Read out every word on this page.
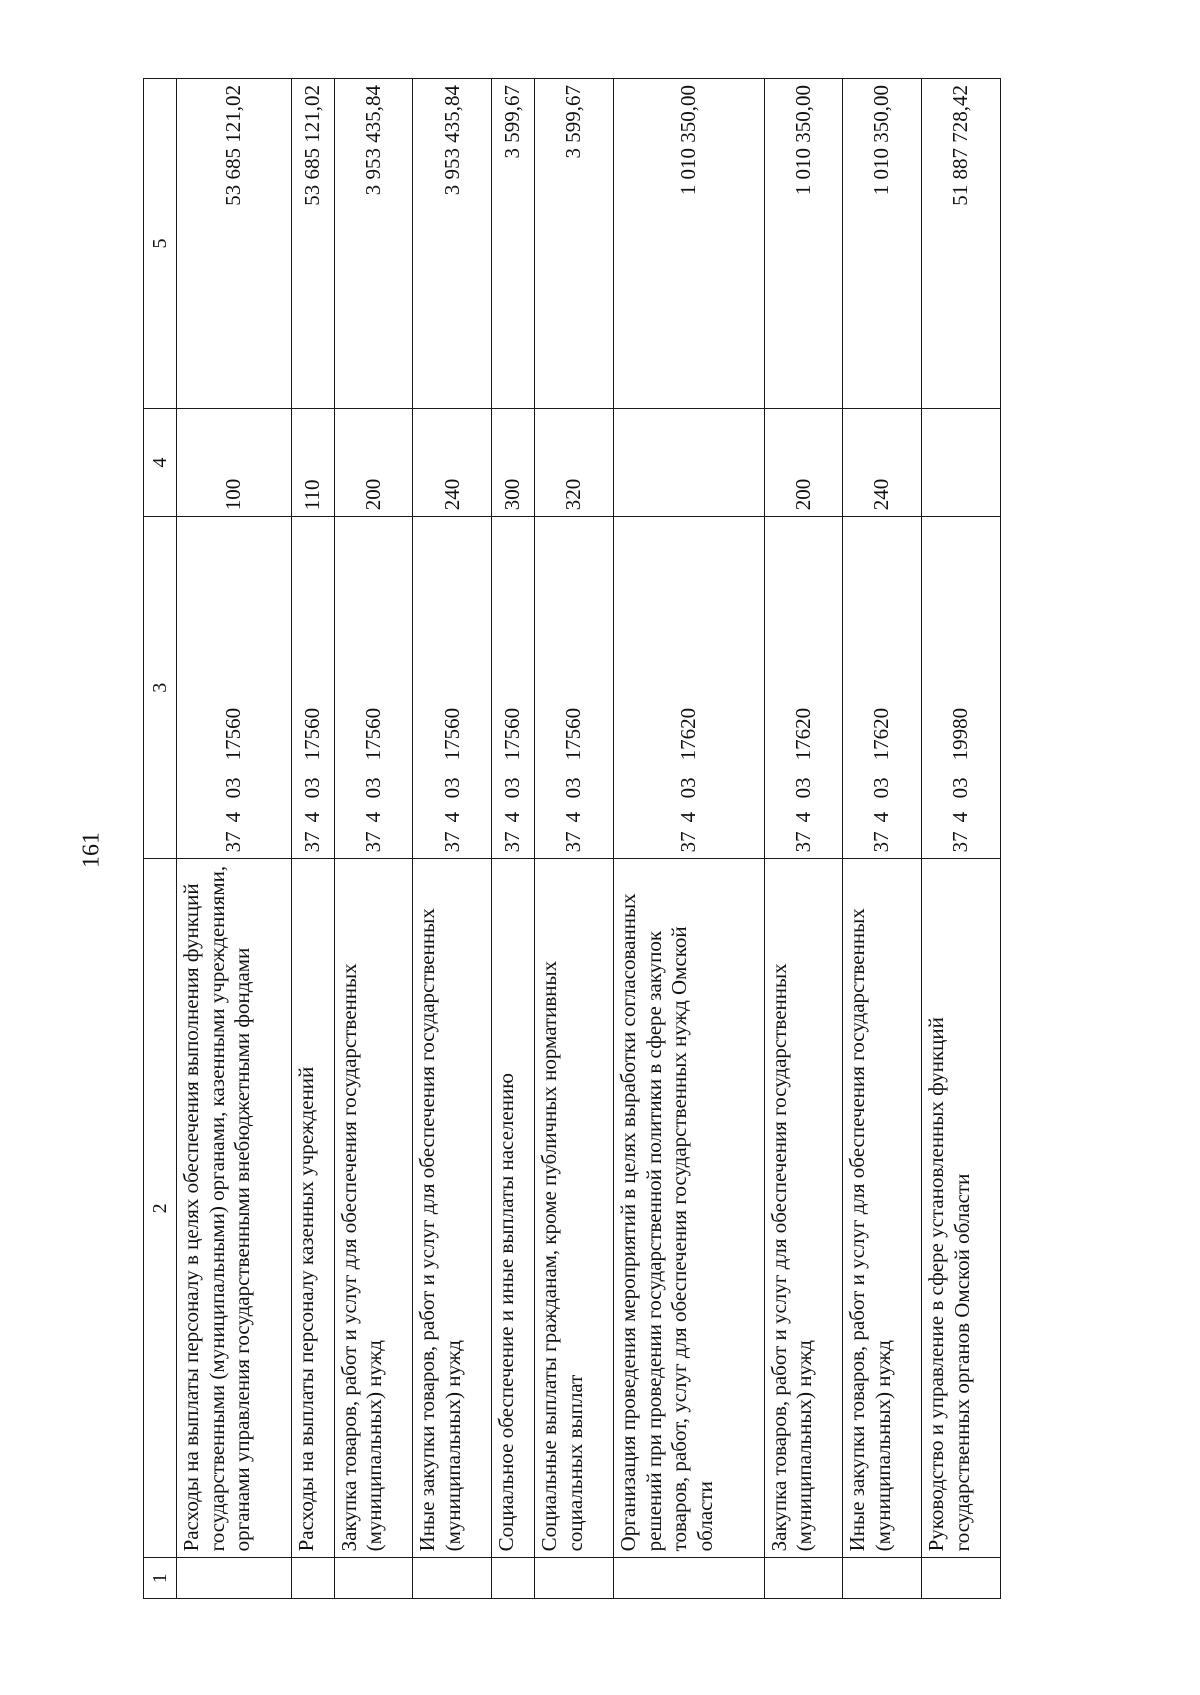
161
1	2	3	4	5
	Расходы на выплаты персоналу в целях обеспечения выполнения функций государственными (муниципальными) органами, казенными учреждениями, органами управления государственными внебюджетными фондами	3740317560	100	53 685 121,02
	Расходы на выплаты персоналу казенных учреждений	3740317560	110	53 685 121,02
	Закупка товаров, работ и услуг для обеспечения государственных (муниципальных) нужд	3740317560	200	3 953 435,84
	Иные закупки товаров, работ и услуг для обеспечения государственных (муниципальных) нужд	3740317560	240	3 953 435,84
	Социальное обеспечение и иные выплаты населению	3740317560	300	3 599,67
	Социальные выплаты гражданам, кроме публичных нормативных социальных выплат	3740317560	320	3 599,67
	Организация проведения мероприятий в целях выработки согласованных решений при проведении государственной политики в сфере закупок товаров, работ, услуг для обеспечения государственных нужд Омской области	3740317620		1 010 350,00
	Закупка товаров, работ и услуг для обеспечения государственных (муниципальных) нужд	3740317620	200	1 010 350,00
	Иные закупки товаров, работ и услуг для обеспечения государственных (муниципальных) нужд	3740317620	240	1 010 350,00
	Руководство и управление в сфере установленных функций государственных органов Омской области	3740319980		51 887 728,42
